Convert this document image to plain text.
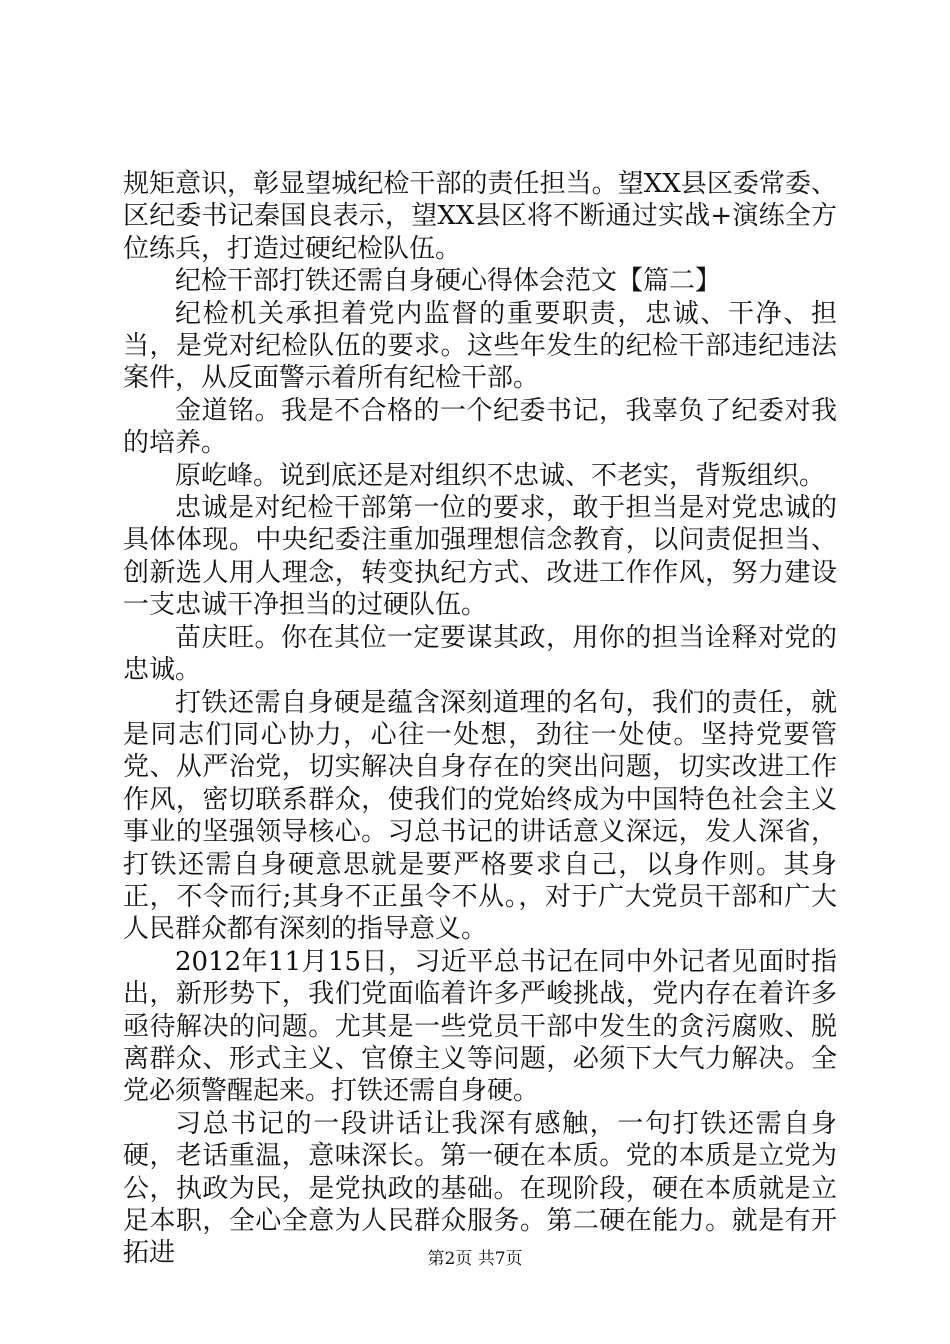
规矩意识，彰显望城纪检干部的责任担当。望XX县区委常委、区纪委书记秦国良表示，望XX县区将不断通过实战+演练全方位练兵，打造过硬纪检队伍。

纪检干部打铁还需自身硬心得体会范文【篇二】

纪检机关承担着党内监督的重要职责，忠诚、干净、担当，是党对纪检队伍的要求。这些年发生的纪检干部违纪违法案件，从反面警示着所有纪检干部。

金道铭。我是不合格的一个纪委书记，我辜负了纪委对我的培养。

原屹峰。说到底还是对组织不忠诚、不老实，背叛组织。

忠诚是对纪检干部第一位的要求，敢于担当是对党忠诚的具体体现。中央纪委注重加强理想信念教育，以问责促担当、创新选人用人理念，转变执纪方式、改进工作作风，努力建设一支忠诚干净担当的过硬队伍。

苗庆旺。你在其位一定要谋其政，用你的担当诠释对党的忠诚。

打铁还需自身硬是蕴含深刻道理的名句，我们的责任，就是同志们同心协力，心往一处想，劲往一处使。坚持党要管党、从严治党，切实解决自身存在的突出问题，切实改进工作作风，密切联系群众，使我们的党始终成为中国特色社会主义事业的坚强领导核心。习总书记的讲话意义深远，发人深省，打铁还需自身硬意思就是要严格要求自己，以身作则。其身正，不令而行;其身不正虽令不从。，对于广大党员干部和广大人民群众都有深刻的指导意义。

2012年11月15日，习近平总书记在同中外记者见面时指出，新形势下，我们党面临着许多严峻挑战，党内存在着许多亟待解决的问题。尤其是一些党员干部中发生的贪污腐败、脱离群众、形式主义、官僚主义等问题，必须下大气力解决。全党必须警醒起来。打铁还需自身硬。

习总书记的一段讲话让我深有感触，一句打铁还需自身硬，老话重温，意味深长。第一硬在本质。党的本质是立党为公，执政为民，是党执政的基础。在现阶段，硬在本质就是立足本职，全心全意为人民群众服务。第二硬在能力。就是有开拓进	第2页 共7页
